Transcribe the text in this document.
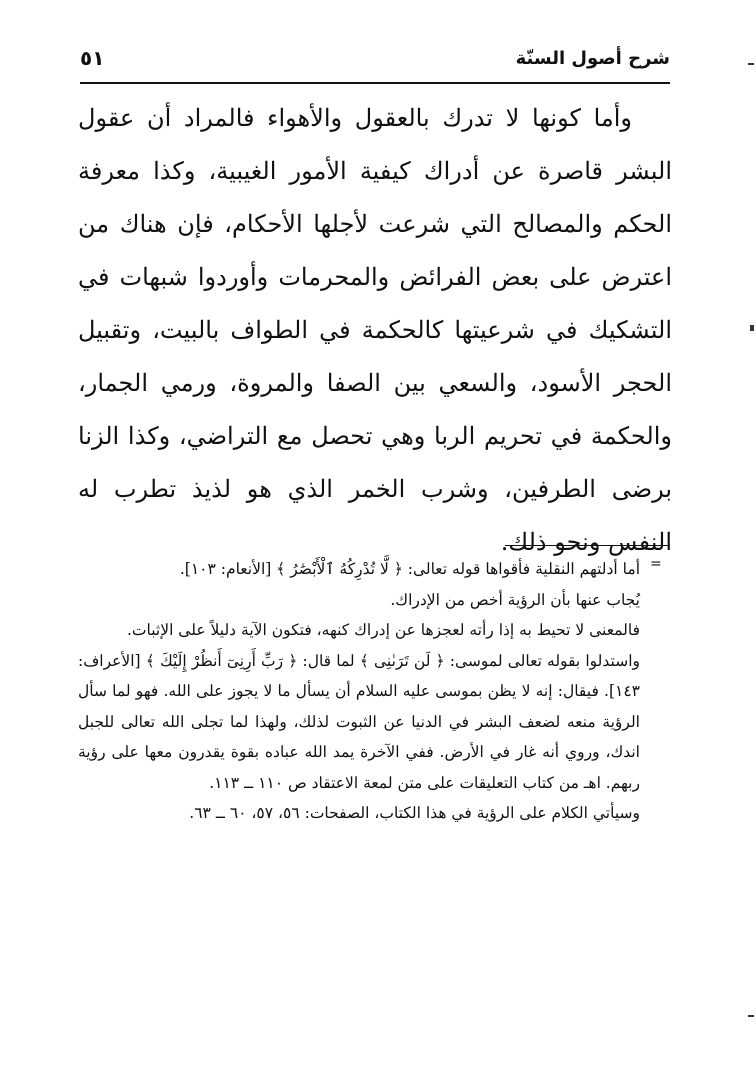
شرح أصول السنّة
٥١

وأما كونها لا تدرك بالعقول والأهواء فالمراد أن عقول البشر قاصرة عن أدراك كيفية الأمور الغيبية، وكذا معرفة الحكم والمصالح التي شرعت لأجلها الأحكام، فإن هناك من اعترض على بعض الفرائض والمحرمات وأوردوا شبهات في التشكيك في شرعيتها كالحكمة في الطواف بالبيت، وتقبيل الحجر الأسود، والسعي بين الصفا والمروة، ورمي الجمار، والحكمة في تحريم الربا وهي تحصل مع التراضي، وكذا الزنا برضى الطرفين، وشرب الخمر الذي هو لذيذ تطرب له النفس ونحو ذلك.

=

أما أدلتهم النقلية فأقواها قوله تعالى: ﴿ لَّا تُدْرِكُهُ ٱلْأَبْصَٰرُ ﴾ [الأنعام: ١٠٣].

يُجاب عنها بأن الرؤية أخص من الإدراك.

فالمعنى لا تحيط به إذا رأته لعجزها عن إدراك كنهه، فتكون الآية دليلاً على الإثبات.

واستدلوا بقوله تعالى لموسى: ﴿ لَن تَرَىٰنِى ﴾ لما قال: ﴿ رَبِّ أَرِنِىٓ أَنظُرْ إِلَيْكَ ﴾ [الأعراف: ١٤٣]. فيقال: إنه لا يظن بموسى عليه السلام أن يسأل ما لا يجوز على الله. فهو لما سأل الرؤية منعه لضعف البشر في الدنيا عن الثبوت لذلك، ولهذا لما تجلى الله تعالى للجبل اندك، وروي أنه غار في الأرض. ففي الآخرة يمد الله عباده بقوة يقدرون معها على رؤية ربهم. اهـ من كتاب التعليقات على متن لمعة الاعتقاد ص ١١٠ ــ ١١٣.

وسيأتي الكلام على الرؤية في هذا الكتاب، الصفحات: ٥٦، ٥٧، ٦٠ ــ ٦٣.
